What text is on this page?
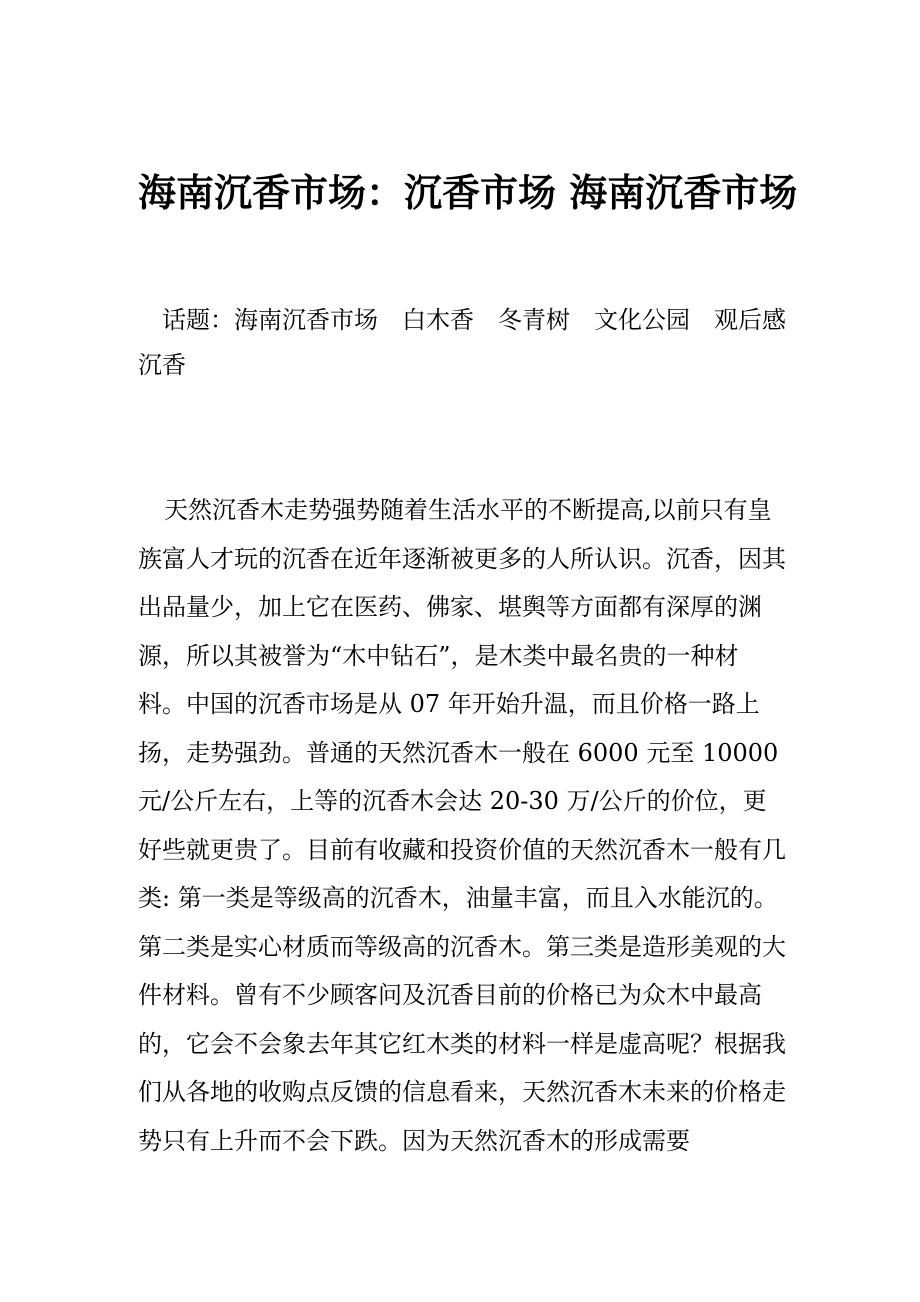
海南沉香市场：沉香市场 海南沉香市场

话题：海南沉香市场　白木香　冬青树　文化公园　观后感　沉香

天然沉香木走势强势随着生活水平的不断提高,以前只有皇族富人才玩的沉香在近年逐渐被更多的人所认识。沉香，因其出品量少，加上它在医药、佛家、堪舆等方面都有深厚的渊源，所以其被誉为“木中钻石”，是木类中最名贵的一种材料。中国的沉香市场是从 07 年开始升温，而且价格一路上扬，走势强劲。普通的天然沉香木一般在 6000 元至 10000 元/公斤左右，上等的沉香木会达 20-30 万/公斤的价位，更好些就更贵了。目前有收藏和投资价值的天然沉香木一般有几类: 第一类是等级高的沉香木，油量丰富，而且入水能沉的。第二类是实心材质而等级高的沉香木。第三类是造形美观的大件材料。曾有不少顾客问及沉香目前的价格已为众木中最高的，它会不会象去年其它红木类的材料一样是虚高呢？根据我们从各地的收购点反馈的信息看来，天然沉香木未来的价格走势只有上升而不会下跌。因为天然沉香木的形成需要
